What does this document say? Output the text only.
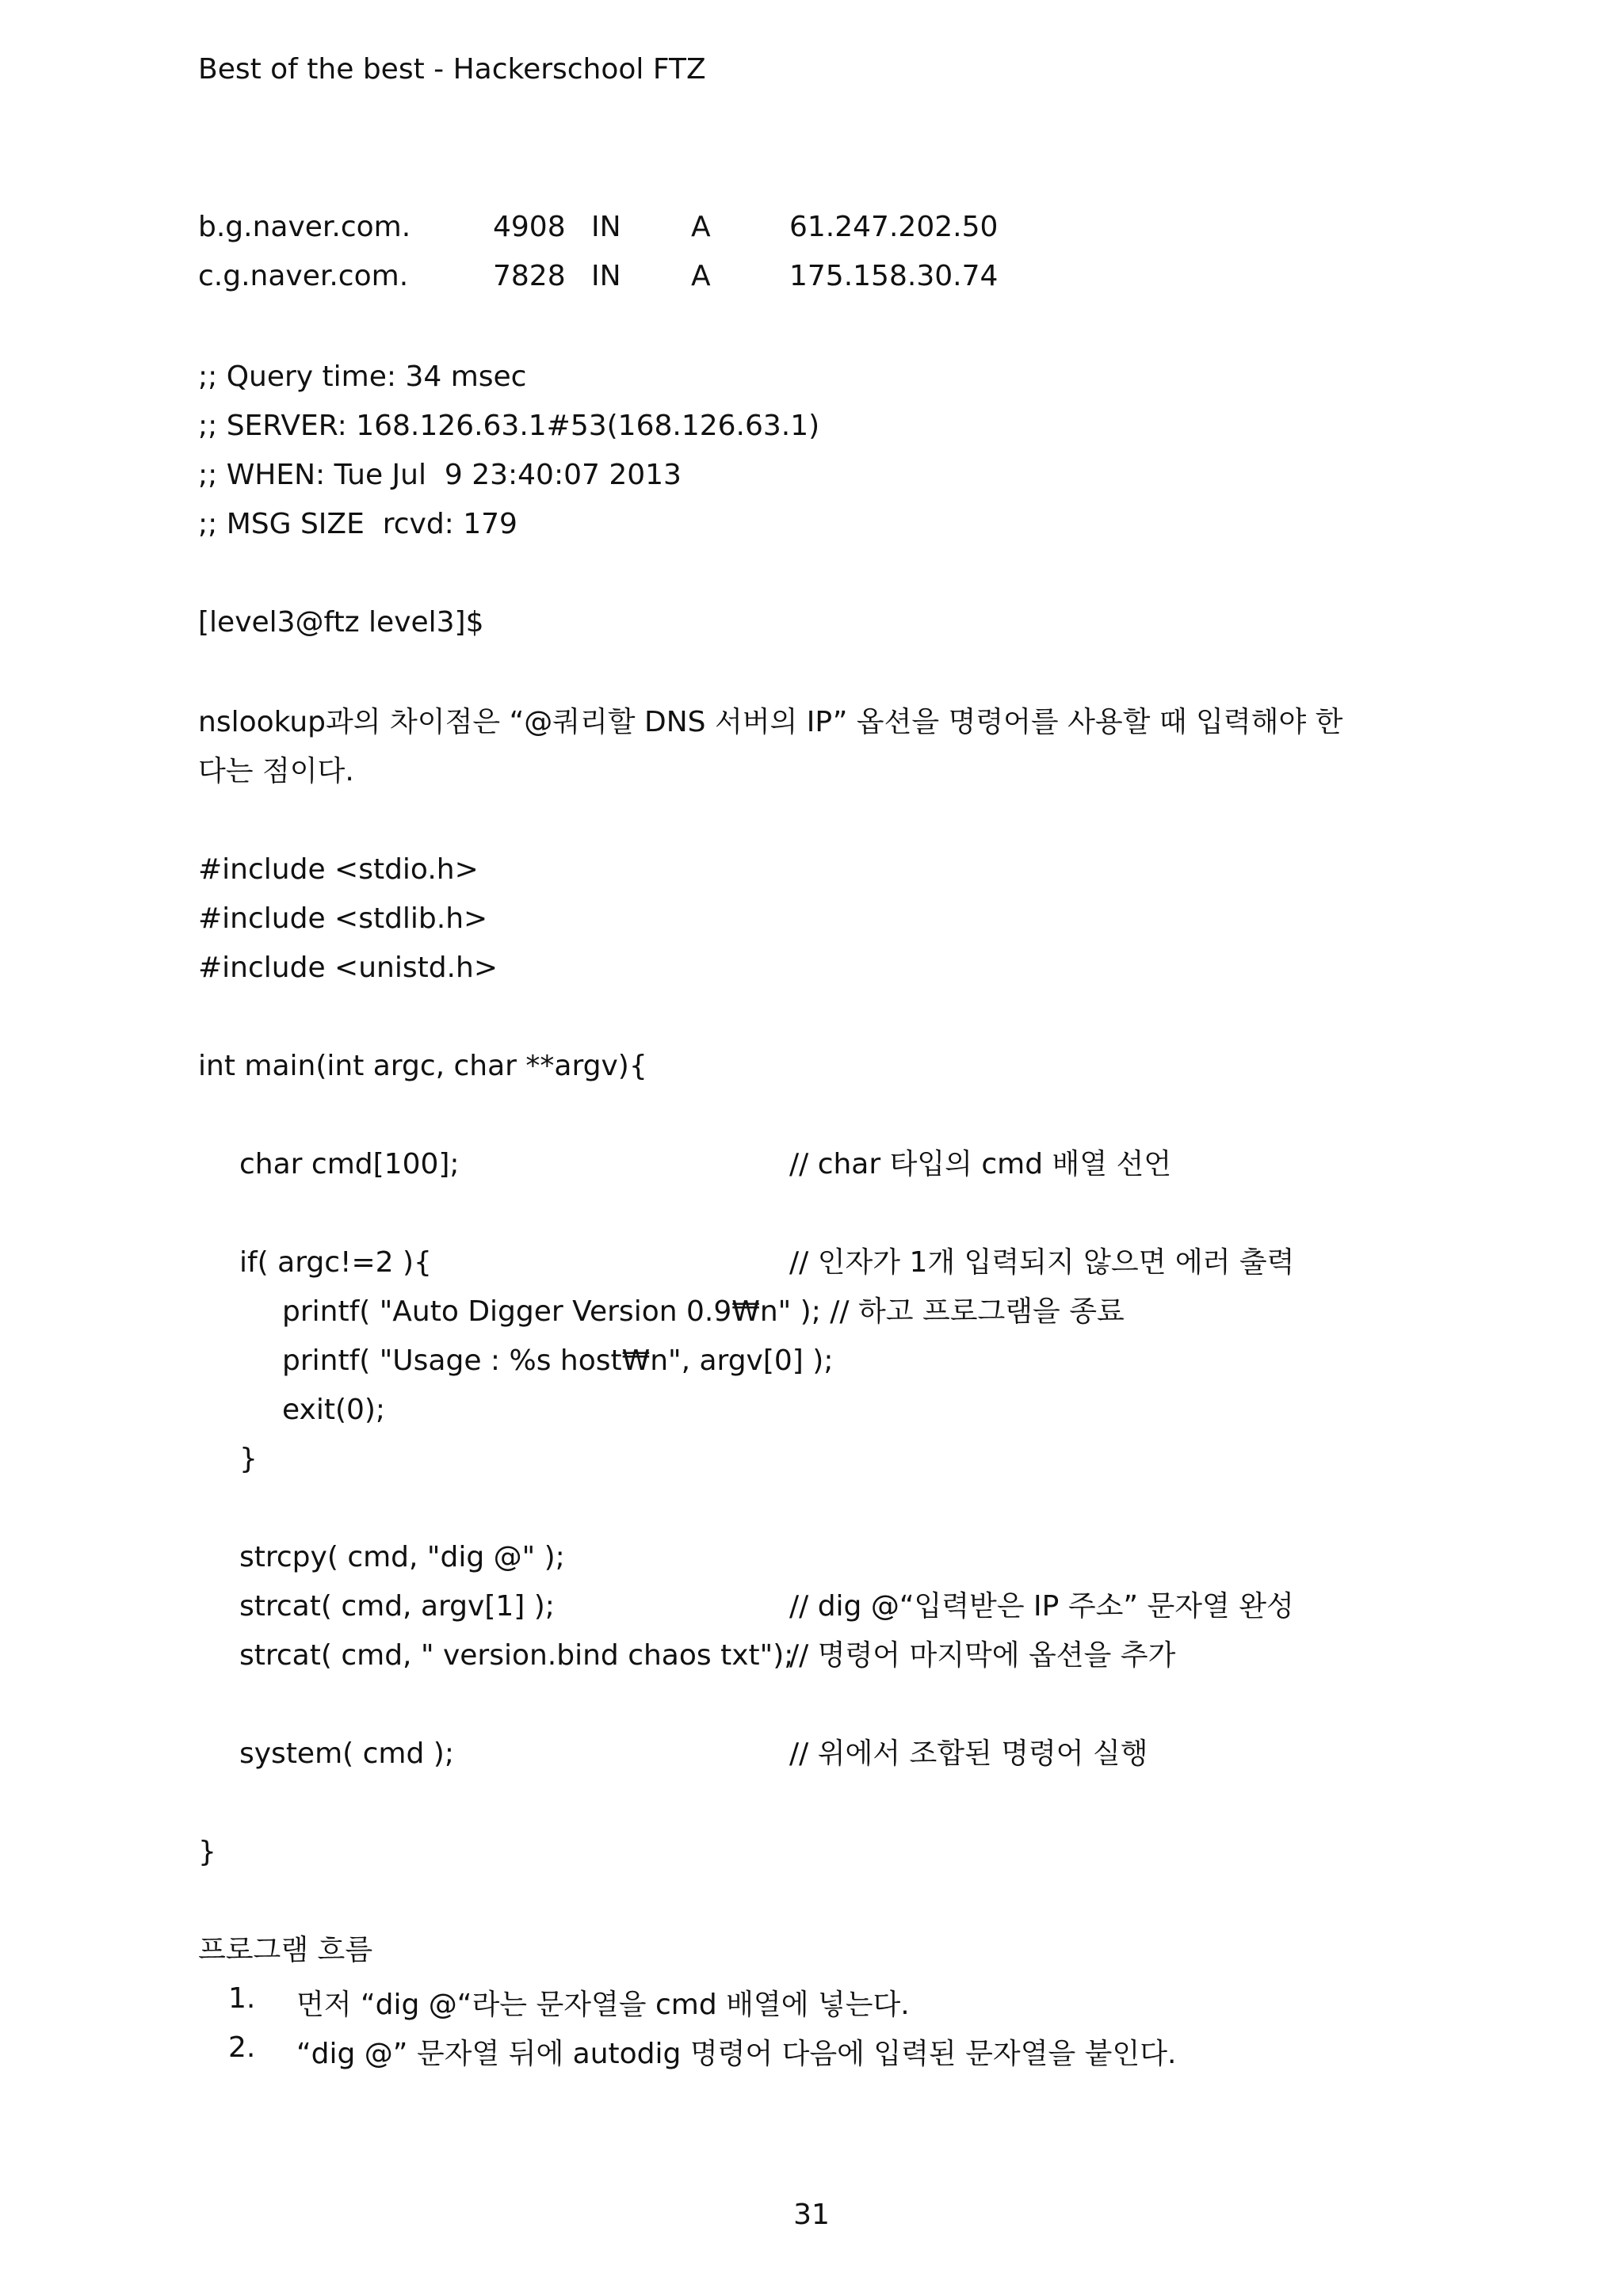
Best of the best - Hackerschool FTZ
b.g.naver.com.	4908 IN A	61.247.202.50
c.g.naver.com.	7828 IN A	175.158.30.74
;; Query time: 34 msec
;; SERVER: 168.126.63.1#53(168.126.63.1)
;; WHEN: Tue Jul  9 23:40:07 2013
;; MSG SIZE  rcvd: 179
[level3@ftz level3]$
nslookup과의 차이점은 “@쿼리할 DNS 서버의 IP” 옵션을 명령어를 사용할 때 입력해야 한
다는 점이다.
#include <stdio.h>
#include <stdlib.h>
#include <unistd.h>
int main(int argc, char **argv){
char cmd[100];	// char 타입의 cmd 배열 선언
if( argc!=2 ){	// 인자가 1개 입력되지 않으면 에러 출력
printf( "Auto Digger Version 0.9₩n" ); // 하고 프로그램을 종료
printf( "Usage : %s host₩n", argv[0] );
exit(0);
}
strcpy( cmd, "dig @" );
strcat( cmd, argv[1] );	// dig @“입력받은 IP 주소” 문자열 완성
strcat( cmd, " version.bind chaos txt");
// 명령어 마지막에 옵션을 추가
system( cmd );	// 위에서 조합된 명령어 실행
}
프로그램 흐름
1. 먼저 “dig @“라는 문자열을 cmd 배열에 넣는다.
2. “dig @” 문자열 뒤에 autodig 명령어 다음에 입력된 문자열을 붙인다.
31
